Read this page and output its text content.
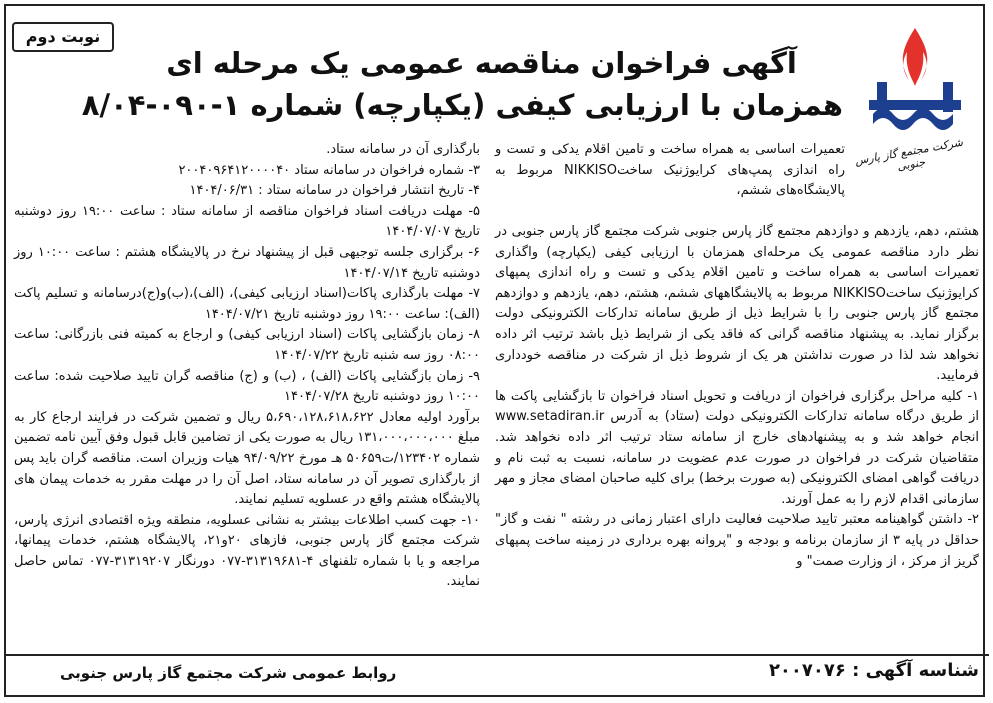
نوبت دوم
شرکت مجتمع گاز پارس جنوبی
آگهی فراخوان مناقصه عمومی یک مرحله ای
همزمان با ارزیابی کیفی (یکپارچه) شماره ۱-۰۹۰-۸/۰۴

تعمیرات اساسی به همراه ساخت و تامین اقلام یدکی و تست و راه اندازی پمپ‌های کرایوژنیک ساختNIKKISO مربوط به پالایشگاه‌های ششم،

هشتم، دهم، یازدهم و دوازدهم مجتمع گاز پارس جنوبی شرکت مجتمع گاز پارس جنوبی در نظر دارد مناقصه عمومی یک مرحله‌ای همزمان با ارزیابی کیفی (یکپارچه) واگذاری تعمیرات اساسی به همراه ساخت و تامین اقلام یدکی و تست و راه اندازی پمپهای کرایوژنیک ساختNIKKISO مربوط به پالایشگاههای ششم، هشتم، دهم، یازدهم و دوازدهم مجتمع گاز پارس جنوبی را با شرایط ذیل از طریق سامانه تدارکات الکترونیکی دولت برگزار نماید. به پیشنهاد مناقصه گرانی که فاقد یکی از شرایط ذیل باشد ترتیب اثر داده نخواهد شد لذا در صورت نداشتن هر یک از شروط ذیل از شرکت در مناقصه خودداری فرمایید.

۱- کلیه مراحل برگزاری فراخوان از دریافت و تحویل اسناد فراخوان تا بازگشایی پاکت ها از طریق درگاه سامانه تدارکات الکترونیکی دولت (ستاد) به آدرس www.setadiran.ir انجام خواهد شد و به پیشنهادهای خارج از سامانه ستاد ترتیب اثر داده نخواهد شد. متقاضیان شرکت در فراخوان در صورت عدم عضویت در سامانه، نسبت به ثبت نام و دریافت گواهی امضای الکترونیکی (به صورت برخط) برای کلیه صاحبان امضای مجاز و مهر سازمانی اقدام لازم را به عمل آورند.

۲- داشتن گواهینامه معتبر تایید صلاحیت فعالیت دارای اعتبار زمانی در رشته " نفت و گاز" حداقل در پایه ۳ از سازمان برنامه و بودجه و "پروانه بهره برداری در زمینه ساخت پمپهای گریز از مرکز ، از وزارت صمت" و

بارگذاری آن در سامانه ستاد.

۳- شماره فراخوان در سامانه ستاد ۲۰۰۴۰۹۶۴۱۲۰۰۰۰۴۰

۴- تاریخ انتشار فراخوان در سامانه ستاد : ۱۴۰۴/۰۶/۳۱

۵- مهلت دریافت اسناد فراخوان مناقصه از سامانه ستاد : ساعت ۱۹:۰۰ روز دوشنبه تاریخ ۱۴۰۴/۰۷/۰۷

۶- برگزاری جلسه توجیهی قبل از پیشنهاد نرخ در پالایشگاه هشتم : ساعت ۱۰:۰۰ روز دوشنبه تاریخ ۱۴۰۴/۰۷/۱۴

۷- مهلت بارگذاری پاکات(اسناد ارزیابی کیفی)، (الف)،(ب)و(ج)درسامانه و تسلیم پاکت (الف): ساعت ۱۹:۰۰ روز دوشنبه تاریخ ۱۴۰۴/۰۷/۲۱

۸- زمان بازگشایی پاکات (اسناد ارزیابی کیفی) و ارجاع به کمیته فنی بازرگانی: ساعت ۰۸:۰۰ روز سه شنبه تاریخ ۱۴۰۴/۰۷/۲۲

۹- زمان بازگشایی پاکات (الف) ، (ب) و (ج) مناقصه گران تایید صلاحیت شده: ساعت ۱۰:۰۰ روز دوشنبه تاریخ ۱۴۰۴/۰۷/۲۸

برآورد اولیه معادل ۵،۶۹۰،۱۲۸،۶۱۸،۶۲۲ ریال و تضمین شرکت در فرایند ارجاع کار به مبلغ ۱۳۱،۰۰۰،۰۰۰،۰۰۰ ریال به صورت یکی از تضامین قابل قبول وفق آیین نامه تضمین شماره ۱۲۳۴۰۲/ت۵۰۶۵۹ هـ مورخ ۹۴/۰۹/۲۲ هیات وزیران است. مناقصه گران باید پس از بارگذاری تصویر آن در سامانه ستاد، اصل آن را در مهلت مقرر به خدمات پیمان های پالایشگاه هشتم واقع در عسلویه تسلیم نمایند.

۱۰- جهت کسب اطلاعات بیشتر به نشانی عسلویه، منطقه ویژه اقتصادی انرژی پارس، شرکت مجتمع گاز پارس جنوبی، فازهای ۲۰و۲۱، پالایشگاه هشتم، خدمات پیمانها، مراجعه و یا با شماره تلفنهای ۴-۳۱۳۱۹۶۸۱-۰۷۷ دورنگار ۳۱۳۱۹۲۰۷-۰۷۷ تماس حاصل نمایند.

شناسه آگهی : ۲۰۰۷۰۷۶
روابط عمومی شرکت مجتمع گاز پارس جنوبی
